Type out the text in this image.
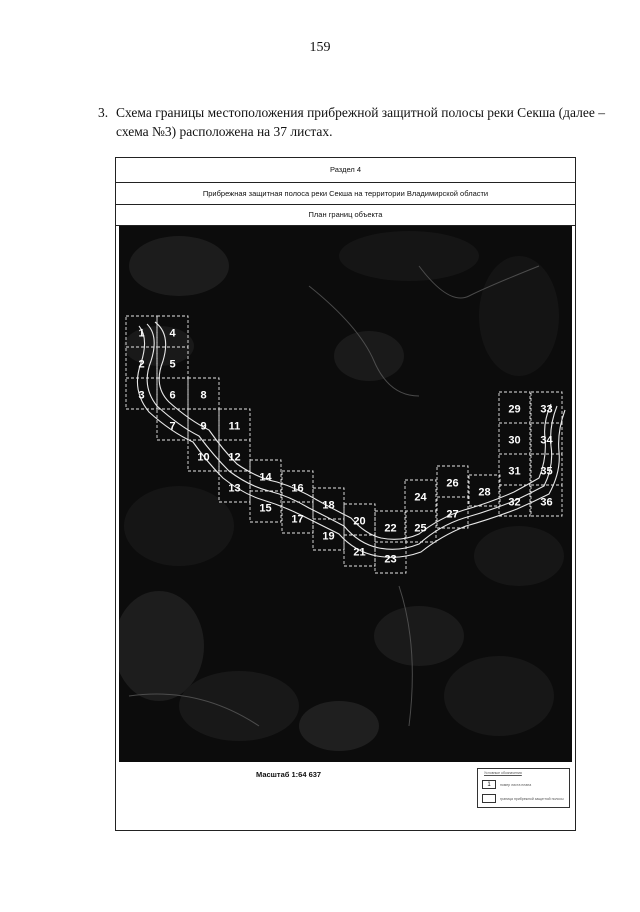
159
3. Схема границы местоположения прибрежной защитной полосы реки Секша (далее –
схема №3) расположена на 37 листах.
Раздел 4
Прибрежная защитная полоса реки Секша на территории Владимирской области
План границ объекта
1
2
3
4
5
6
7
8
9
10
11
12
13
14
15
16
17
18
19
20
21
22
23
24
25
26
27
28
29
30
31
32
33
34
35
36
Масштаб 1:64 637	Условные обозначения
1	номер листа плана
граница прибрежной защитной полосы
